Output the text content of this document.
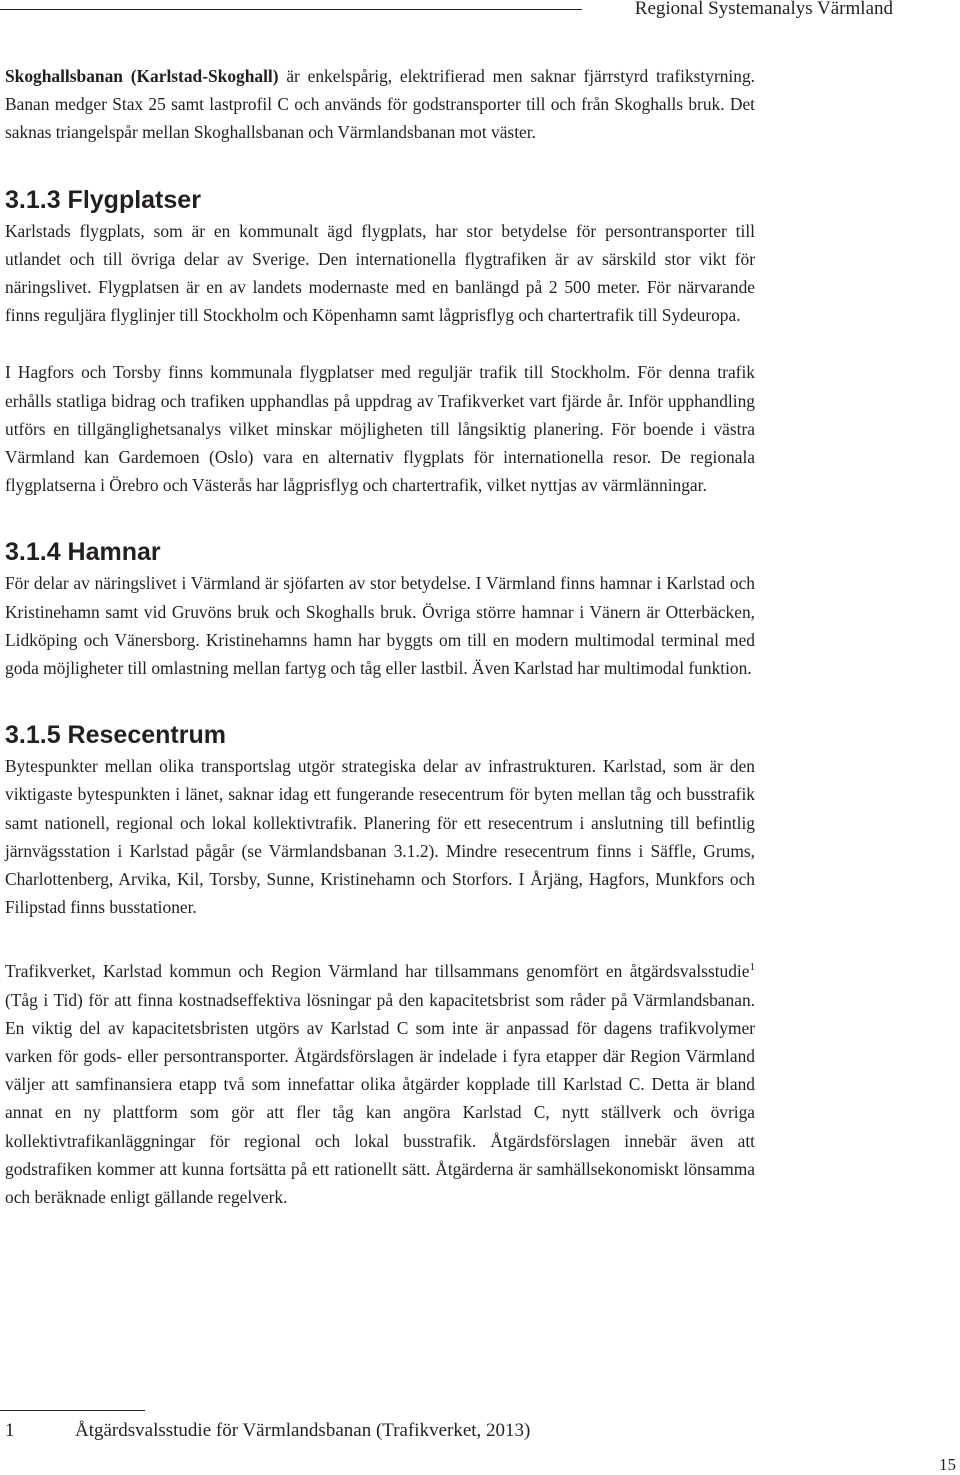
Regional Systemanalys Värmland

Skoghallsbanan (Karlstad-Skoghall) är enkelspårig, elektrifierad men saknar fjärrstyrd trafikstyrning. Banan medger Stax 25 samt lastprofil C och används för godstransporter till och från Skoghalls bruk. Det saknas triangelspår mellan Skoghallsbanan och Värmlandsbanan mot väster.

3.1.3 Flygplatser

Karlstads flygplats, som är en kommunalt ägd flygplats, har stor betydelse för persontransporter till utlandet och till övriga delar av Sverige. Den internationella flygtrafiken är av särskild stor vikt för näringslivet. Flygplatsen är en av landets modernaste med en banlängd på 2 500 meter. För närvarande finns reguljära flyglinjer till Stockholm och Köpenhamn samt lågprisflyg och chartertrafik till Sydeuropa.

I Hagfors och Torsby finns kommunala flygplatser med reguljär trafik till Stockholm. För denna trafik erhålls statliga bidrag och trafiken upphandlas på uppdrag av Trafikverket vart fjärde år. Inför upphandling utförs en tillgänglighetsanalys vilket minskar möjligheten till långsiktig planering. För boende i västra Värmland kan Gardemoen (Oslo) vara en alternativ flygplats för internationella resor. De regionala flygplatserna i Örebro och Västerås har lågprisflyg och chartertrafik, vilket nyttjas av värmlänningar.

3.1.4 Hamnar

För delar av näringslivet i Värmland är sjöfarten av stor betydelse. I Värmland finns hamnar i Karlstad och Kristinehamn samt vid Gruvöns bruk och Skoghalls bruk. Övriga större hamnar i Vänern är Otterbäcken, Lidköping och Vänersborg. Kristinehamns hamn har byggts om till en modern multimodal terminal med goda möjligheter till omlastning mellan fartyg och tåg eller lastbil. Även Karlstad har multimodal funktion.

3.1.5 Resecentrum

Bytespunkter mellan olika transportslag utgör strategiska delar av infrastrukturen. Karlstad, som är den viktigaste bytespunkten i länet, saknar idag ett fungerande resecentrum för byten mellan tåg och busstrafik samt nationell, regional och lokal kollektivtrafik. Planering för ett resecentrum i anslutning till befintlig järnvägsstation i Karlstad pågår (se Värmlandsbanan 3.1.2). Mindre resecentrum finns i Säffle, Grums, Charlottenberg, Arvika, Kil, Torsby, Sunne, Kristinehamn och Storfors. I Årjäng, Hagfors, Munkfors och Filipstad finns busstationer.

Trafikverket, Karlstad kommun och Region Värmland har tillsammans genomfört en åtgärdsvalsstudie$^1$ (Tåg i Tid) för att finna kostnadseffektiva lösningar på den kapacitetsbrist som råder på Värmlandsbanan. En viktig del av kapacitetsbristen utgörs av Karlstad C som inte är anpassad för dagens trafikvolymer varken för gods- eller persontransporter. Åtgärdsförslagen är indelade i fyra etapper där Region Värmland väljer att samfinansiera etapp två som innefattar olika åtgärder kopplade till Karlstad C. Detta är bland annat en ny plattform som gör att fler tåg kan angöra Karlstad C, nytt ställverk och övriga kollektivtrafikanläggningar för regional och lokal busstrafik. Åtgärdsförslagen innebär även att godstrafiken kommer att kunna fortsätta på ett rationellt sätt. Åtgärderna är samhällsekonomiskt lönsamma och beräknade enligt gällande regelverk.

1	Åtgärdsvalsstudie för Värmlandsbanan (Trafikverket, 2013)
15
